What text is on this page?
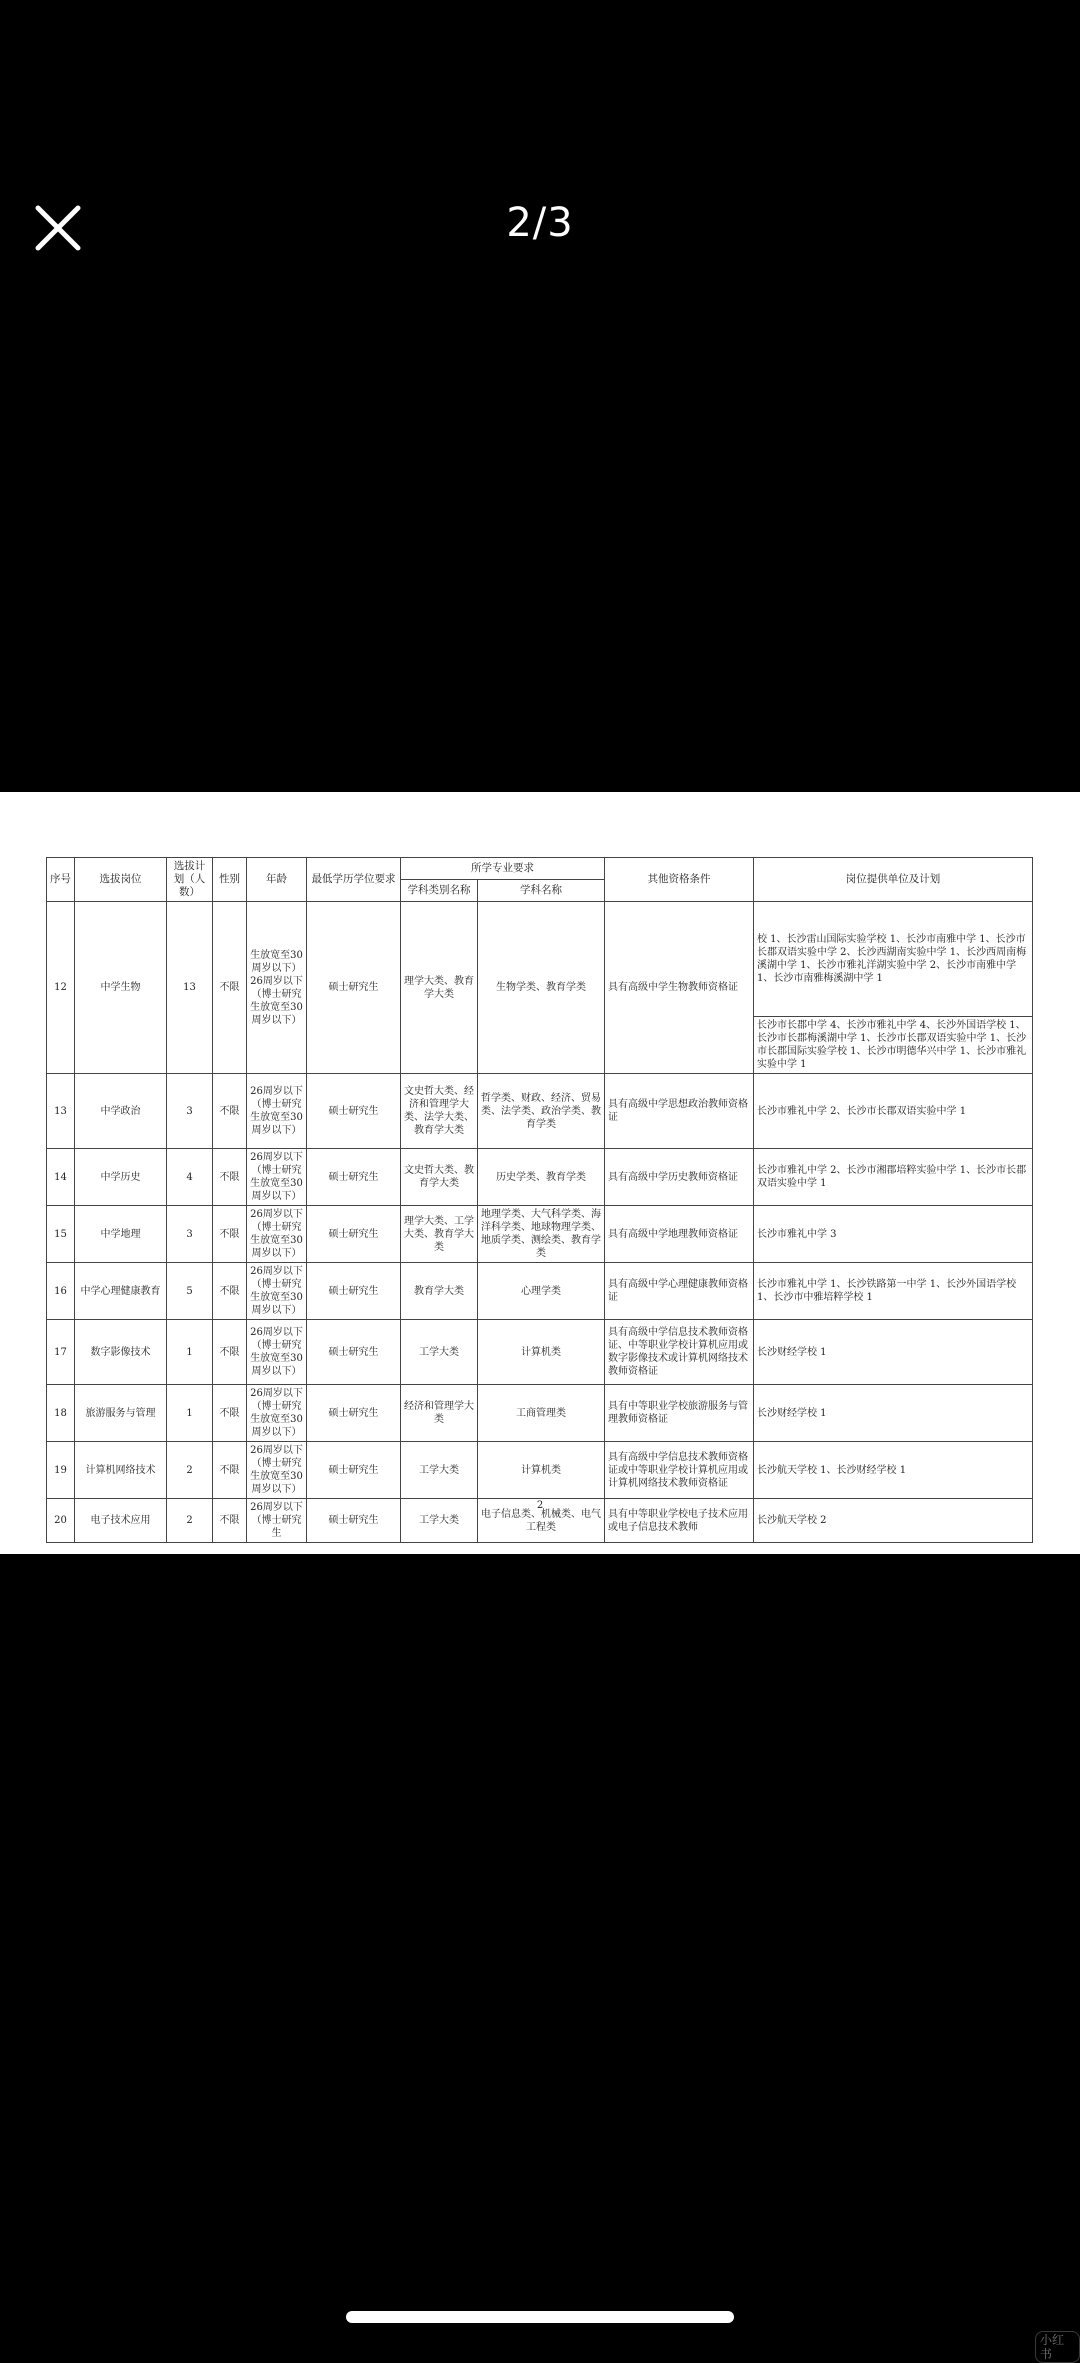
2/3
序号	选拔岗位	选拔计划（人数）	性别	年龄	最低学历学位要求	所学专业要求		其他资格条件	岗位提供单位及计划
						学科类别名称	学科名称		
12	中学生物	13	不限	生放宽至30周岁以下）26周岁以下（博士研究生放宽至30周岁以下）	硕士研究生	理学大类、教育学大类	生物学类、教育学类	具有高级中学生物教师资格证	校 1、长沙雷山国际实验学校 1、长沙市南雅中学 1、长沙市长郡双语实验中学 2、长沙西湖南实验中学 1、长沙西周南梅溪湖中学 1、长沙市雅礼洋湖实验中学 2、长沙市南雅中学 1、长沙市南雅梅溪湖中学 1
									长沙市长郡中学 4、长沙市雅礼中学 4、长沙外国语学校 1、长沙市长郡梅溪湖中学 1、长沙市长郡双语实验中学 1、长沙市长郡国际实验学校 1、长沙市明德华兴中学 1、长沙市雅礼实验中学 1
13	中学政治	3	不限	26周岁以下（博士研究生放宽至30周岁以下）	硕士研究生	文史哲大类、经济和管理学大类、法学大类、教育学大类	哲学类、财政、经济、贸易类、法学类、政治学类、教育学类	具有高级中学思想政治教师资格证	长沙市雅礼中学 2、长沙市长郡双语实验中学 1
14	中学历史	4	不限	26周岁以下（博士研究生放宽至30周岁以下）	硕士研究生	文史哲大类、教育学大类	历史学类、教育学类	具有高级中学历史教师资格证	长沙市雅礼中学 2、长沙市湘郡培粹实验中学 1、长沙市长郡双语实验中学 1
15	中学地理	3	不限	26周岁以下（博士研究生放宽至30周岁以下）	硕士研究生	理学大类、工学大类、教育学大类	地理学类、大气科学类、海洋科学类、地球物理学类、地质学类、测绘类、教育学类	具有高级中学地理教师资格证	长沙市雅礼中学 3
16	中学心理健康教育	5	不限	26周岁以下（博士研究生放宽至30周岁以下）	硕士研究生	教育学大类	心理学类	具有高级中学心理健康教师资格证	长沙市雅礼中学 1、长沙铁路第一中学 1、长沙外国语学校 1、长沙市中雅培粹学校 1
17	数字影像技术	1	不限	26周岁以下（博士研究生放宽至30周岁以下）	硕士研究生	工学大类	计算机类	具有高级中学信息技术教师资格证、中等职业学校计算机应用或数字影像技术或计算机网络技术教师资格证	长沙财经学校 1
18	旅游服务与管理	1	不限	26周岁以下（博士研究生放宽至30周岁以下）	硕士研究生	经济和管理学大类	工商管理类	具有中等职业学校旅游服务与管理教师资格证	长沙财经学校 1
19	计算机网络技术	2	不限	26周岁以下（博士研究生放宽至30周岁以下）	硕士研究生	工学大类	计算机类	具有高级中学信息技术教师资格证或中等职业学校计算机应用或计算机网络技术教师资格证	长沙航天学校 1、长沙财经学校 1
20	电子技术应用	2	不限	26周岁以下（博士研究生	硕士研究生	工学大类	电子信息类、机械类、电气工程类	具有中等职业学校电子技术应用或电子信息技术教师	长沙航天学校 2
2
小红书
